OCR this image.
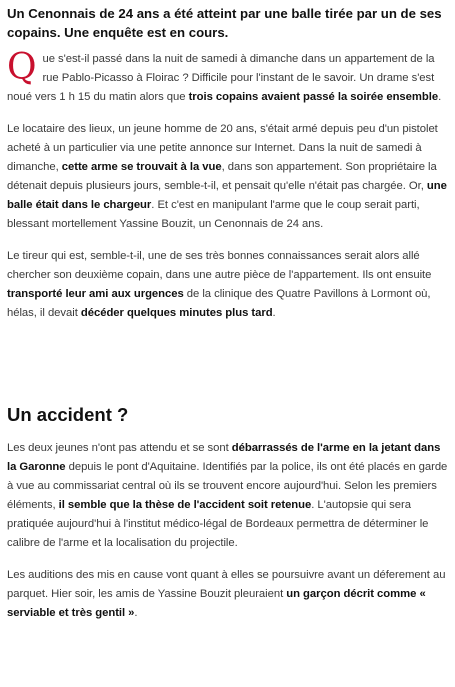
Un Cenonnais de 24 ans a été atteint par une balle tirée par un de ses copains. Une enquête est en cours.

Que s'est-il passé dans la nuit de samedi à dimanche dans un appartement de la rue Pablo-Picasso à Floirac ? Difficile pour l'instant de le savoir. Un drame s'est noué vers 1 h 15 du matin alors que trois copains avaient passé la soirée ensemble.

Le locataire des lieux, un jeune homme de 20 ans, s'était armé depuis peu d'un pistolet acheté à un particulier via une petite annonce sur Internet. Dans la nuit de samedi à dimanche, cette arme se trouvait à la vue, dans son appartement. Son propriétaire la détenait depuis plusieurs jours, semble-t-il, et pensait qu'elle n'était pas chargée. Or, une balle était dans le chargeur. Et c'est en manipulant l'arme que le coup serait parti, blessant mortellement Yassine Bouzit, un Cenonnais de 24 ans.

Le tireur qui est, semble-t-il, une de ses très bonnes connaissances serait alors allé chercher son deuxième copain, dans une autre pièce de l'appartement. Ils ont ensuite transporté leur ami aux urgences de la clinique des Quatre Pavillons à Lormont où, hélas, il devait décéder quelques minutes plus tard.

Un accident ?

Les deux jeunes n'ont pas attendu et se sont débarrassés de l'arme en la jetant dans la Garonne depuis le pont d'Aquitaine. Identifiés par la police, ils ont été placés en garde à vue au commissariat central où ils se trouvent encore aujourd'hui. Selon les premiers éléments, il semble que la thèse de l'accident soit retenue. L'autopsie qui sera pratiquée aujourd'hui à l'institut médico-légal de Bordeaux permettra de déterminer le calibre de l'arme et la localisation du projectile.

Les auditions des mis en cause vont quant à elles se poursuivre avant un déferement au parquet. Hier soir, les amis de Yassine Bouzit pleuraient un garçon décrit comme « serviable et très gentil ».
